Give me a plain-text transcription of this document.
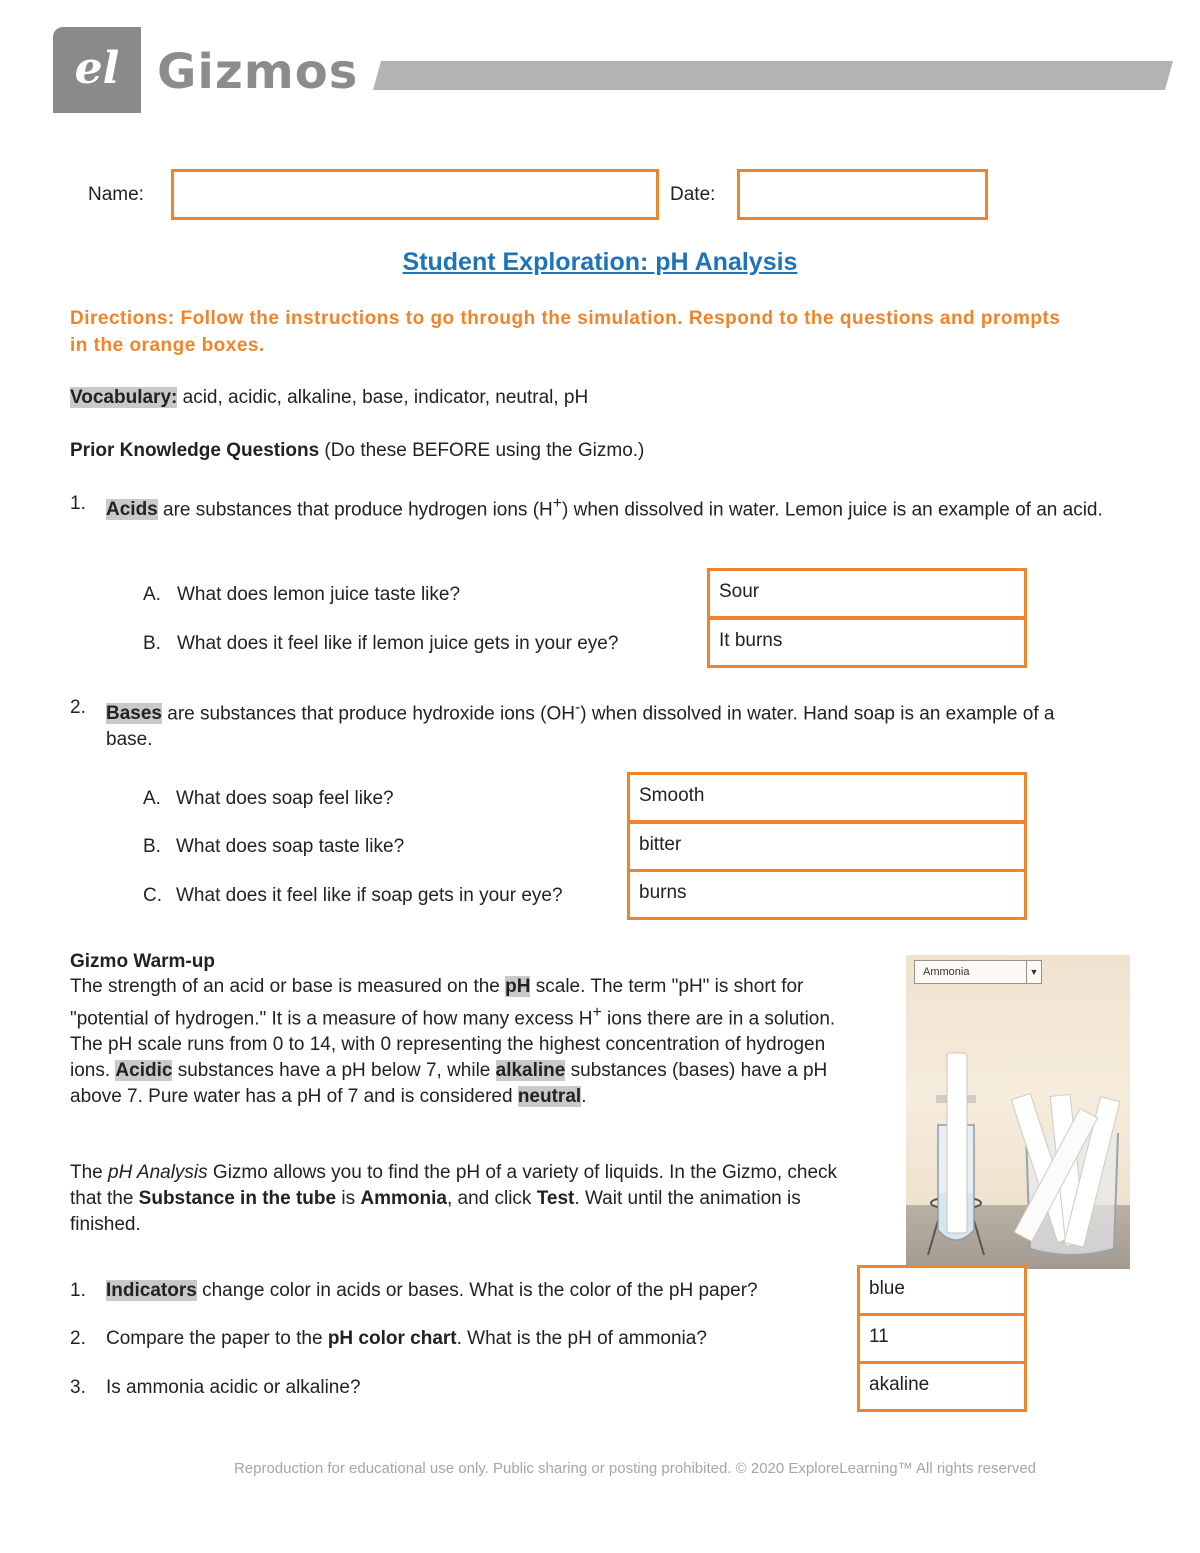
el Gizmos
Name:	Date:
Student Exploration: pH Analysis
Directions: Follow the instructions to go through the simulation. Respond to the questions and prompts in the orange boxes.
Vocabulary: acid, acidic, alkaline, base, indicator, neutral, pH
Prior Knowledge Questions (Do these BEFORE using the Gizmo.)
1. Acids are substances that produce hydrogen ions (H+) when dissolved in water. Lemon juice is an example of an acid.
A. What does lemon juice taste like?	Sour
B. What does it feel like if lemon juice gets in your eye?	It burns
2. Bases are substances that produce hydroxide ions (OH-) when dissolved in water. Hand soap is an example of a base.
A. What does soap feel like?	Smooth
B. What does soap taste like?	bitter
C. What does it feel like if soap gets in your eye?	burns
Gizmo Warm-up
The strength of an acid or base is measured on the pH scale. The term "pH" is short for "potential of hydrogen." It is a measure of how many excess H+ ions there are in a solution. The pH scale runs from 0 to 14, with 0 representing the highest concentration of hydrogen ions. Acidic substances have a pH below 7, while alkaline substances (bases) have a pH above 7. Pure water has a pH of 7 and is considered neutral.
The pH Analysis Gizmo allows you to find the pH of a variety of liquids. In the Gizmo, check that the Substance in the tube is Ammonia, and click Test. Wait until the animation is finished.
Ammonia	▼
1. Indicators change color in acids or bases. What is the color of the pH paper?	blue
2. Compare the paper to the pH color chart. What is the pH of ammonia?	11
3. Is ammonia acidic or alkaline?	akaline
Reproduction for educational use only. Public sharing or posting prohibited. © 2020 ExploreLearning™ All rights reserved
